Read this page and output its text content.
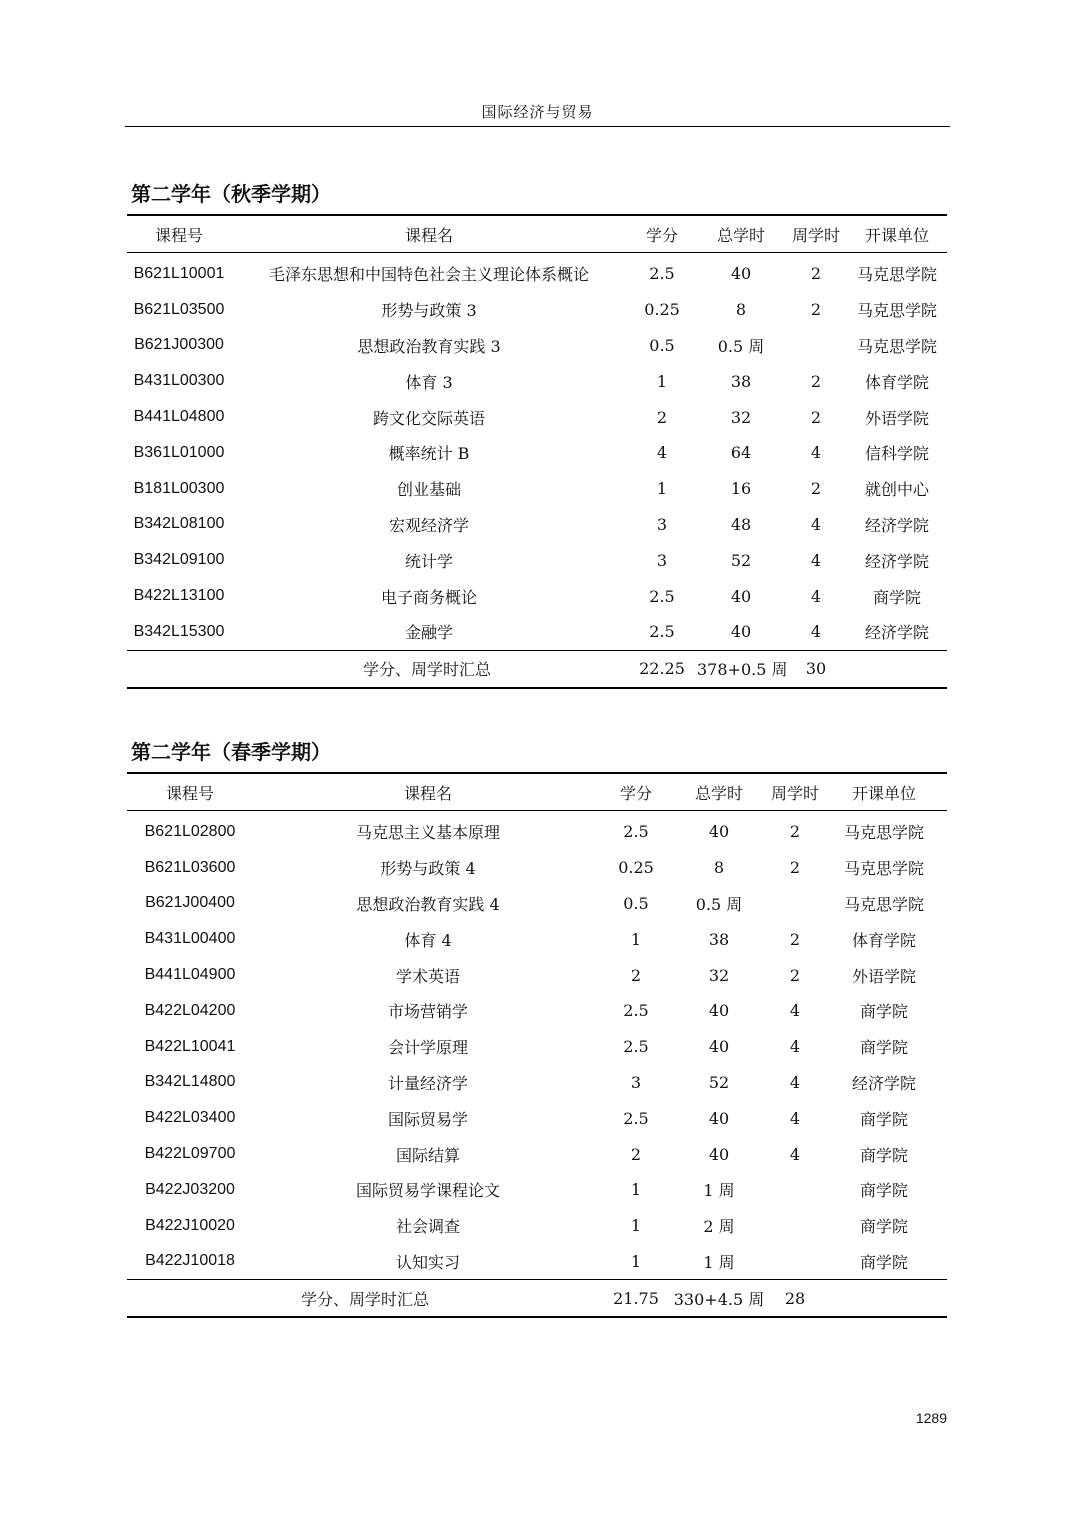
国际经济与贸易
第二学年（秋季学期）
课程号	课程名	学分	总学时	周学时	开课单位
B621L10001	毛泽东思想和中国特色社会主义理论体系概论	2.5	40	2	马克思学院
B621L03500	形势与政策 3	0.25	8	2	马克思学院
B621J00300	思想政治教育实践 3	0.5	0.5 周		马克思学院
B431L00300	体育 3	1	38	2	体育学院
B441L04800	跨文化交际英语	2	32	2	外语学院
B361L01000	概率统计 B	4	64	4	信科学院
B181L00300	创业基础	1	16	2	就创中心
B342L08100	宏观经济学	3	48	4	经济学院
B342L09100	统计学	3	52	4	经济学院
B422L13100	电子商务概论	2.5	40	4	商学院
B342L15300	金融学	2.5	40	4	经济学院
学分、周学时汇总		22.25	378+0.5 周	30	
第二学年（春季学期）
课程号	课程名	学分	总学时	周学时	开课单位
B621L02800	马克思主义基本原理	2.5	40	2	马克思学院
B621L03600	形势与政策 4	0.25	8	2	马克思学院
B621J00400	思想政治教育实践 4	0.5	0.5 周		马克思学院
B431L00400	体育 4	1	38	2	体育学院
B441L04900	学术英语	2	32	2	外语学院
B422L04200	市场营销学	2.5	40	4	商学院
B422L10041	会计学原理	2.5	40	4	商学院
B342L14800	计量经济学	3	52	4	经济学院
B422L03400	国际贸易学	2.5	40	4	商学院
B422L09700	国际结算	2	40	4	商学院
B422J03200	国际贸易学课程论文	1	1 周		商学院
B422J10020	社会调查	1	2 周		商学院
B422J10018	认知实习	1	1 周		商学院
学分、周学时汇总		21.75	330+4.5 周	28	
1289
